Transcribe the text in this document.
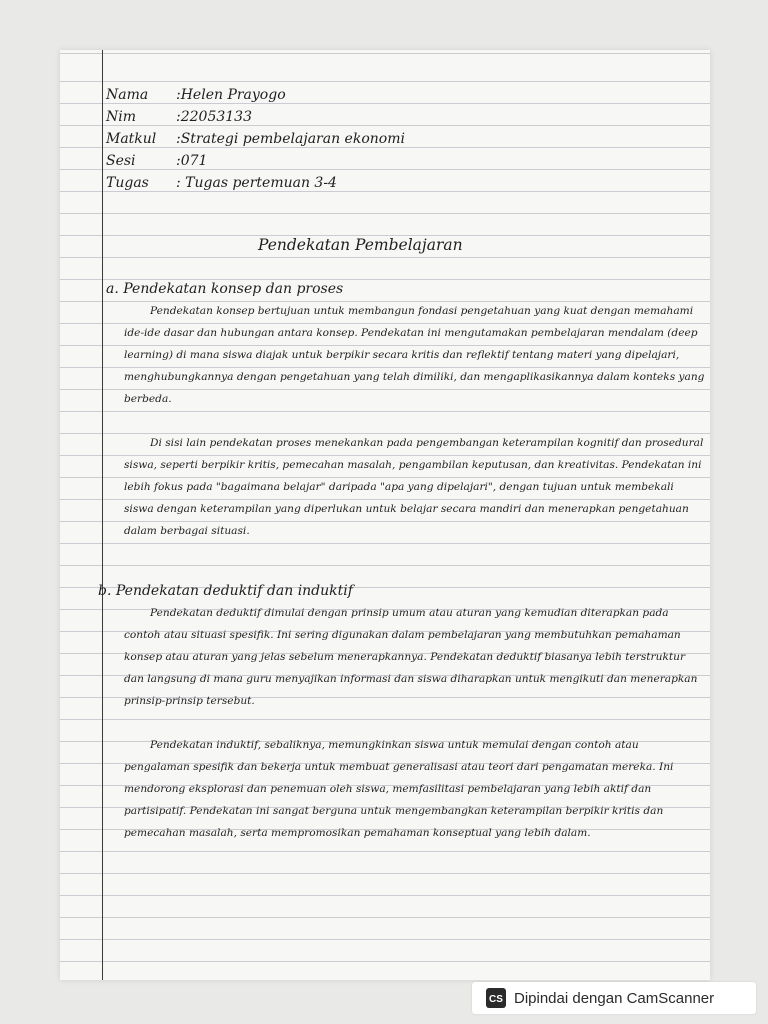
Nama	:Helen Prayogo
Nim	:22053133
Matkul	:Strategi pembelajaran ekonomi
Sesi	:071
Tugas	: Tugas pertemuan 3-4
Pendekatan Pembelajaran
a. Pendekatan konsep dan proses
Pendekatan konsep bertujuan untuk membangun fondasi pengetahuan yang kuat dengan memahami ide-ide dasar dan hubungan antara konsep. Pendekatan ini mengutamakan pembelajaran mendalam (deep learning) di mana siswa diajak untuk berpikir secara kritis dan reflektif tentang materi yang dipelajari, menghubungkannya dengan pengetahuan yang telah dimiliki, dan mengaplikasikannya dalam konteks yang berbeda.
Di sisi lain pendekatan proses menekankan pada pengembangan keterampilan kognitif dan prosedural siswa, seperti berpikir kritis, pemecahan masalah, pengambilan keputusan, dan kreativitas. Pendekatan ini lebih fokus pada "bagaimana belajar" daripada "apa yang dipelajari", dengan tujuan untuk membekali siswa dengan keterampilan yang diperlukan untuk belajar secara mandiri dan menerapkan pengetahuan dalam berbagai situasi.
b. Pendekatan deduktif dan induktif
Pendekatan deduktif dimulai dengan prinsip umum atau aturan yang kemudian diterapkan pada contoh atau situasi spesifik. Ini sering digunakan dalam pembelajaran yang membutuhkan pemahaman konsep atau aturan yang jelas sebelum menerapkannya. Pendekatan deduktif biasanya lebih terstruktur dan langsung di mana guru menyajikan informasi dan siswa diharapkan untuk mengikuti dan menerapkan prinsip-prinsip tersebut.
Pendekatan induktif, sebaliknya, memungkinkan siswa untuk memulai dengan contoh atau pengalaman spesifik dan bekerja untuk membuat generalisasi atau teori dari pengamatan mereka. Ini mendorong eksplorasi dan penemuan oleh siswa, memfasilitasi pembelajaran yang lebih aktif dan partisipatif. Pendekatan ini sangat berguna untuk mengembangkan keterampilan berpikir kritis dan pemecahan masalah, serta mempromosikan pemahaman konseptual yang lebih dalam.
CS Dipindai dengan CamScanner
